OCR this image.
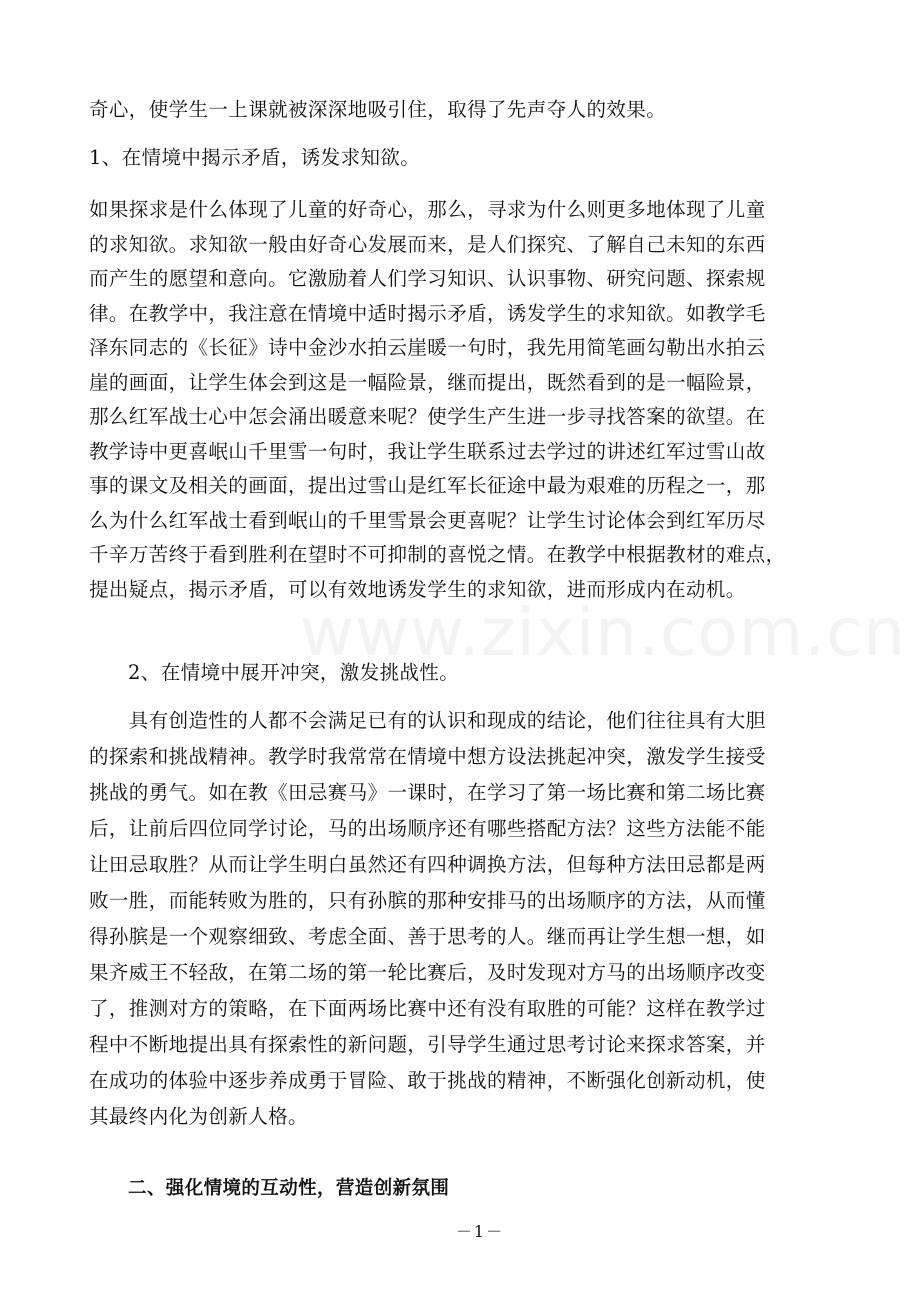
www.zixin.com.cn
奇心，使学生一上课就被深深地吸引住，取得了先声夺人的效果。
1、在情境中揭示矛盾，诱发求知欲。
如果探求是什么体现了儿童的好奇心，那么，寻求为什么则更多地体现了儿童
的求知欲。求知欲一般由好奇心发展而来，是人们探究、了解自己未知的东西
而产生的愿望和意向。它激励着人们学习知识、认识事物、研究问题、探索规
律。在教学中，我注意在情境中适时揭示矛盾，诱发学生的求知欲。如教学毛
泽东同志的《长征》诗中金沙水拍云崖暖一句时，我先用简笔画勾勒出水拍云
崖的画面，让学生体会到这是一幅险景，继而提出，既然看到的是一幅险景，
那么红军战士心中怎会涌出暖意来呢？使学生产生进一步寻找答案的欲望。在
教学诗中更喜岷山千里雪一句时，我让学生联系过去学过的讲述红军过雪山故
事的课文及相关的画面，提出过雪山是红军长征途中最为艰难的历程之一，那
么为什么红军战士看到岷山的千里雪景会更喜呢？让学生讨论体会到红军历尽
千辛万苦终于看到胜利在望时不可抑制的喜悦之情。在教学中根据教材的难点，
提出疑点，揭示矛盾，可以有效地诱发学生的求知欲，进而形成内在动机。
2、在情境中展开冲突，激发挑战性。
　　具有创造性的人都不会满足已有的认识和现成的结论，他们往往具有大胆
的探索和挑战精神。教学时我常常在情境中想方设法挑起冲突，激发学生接受
挑战的勇气。如在教《田忌赛马》一课时，在学习了第一场比赛和第二场比赛
后，让前后四位同学讨论，马的出场顺序还有哪些搭配方法？这些方法能不能
让田忌取胜？从而让学生明白虽然还有四种调换方法，但每种方法田忌都是两
败一胜，而能转败为胜的，只有孙膑的那种安排马的出场顺序的方法，从而懂
得孙膑是一个观察细致、考虑全面、善于思考的人。继而再让学生想一想，如
果齐威王不轻敌，在第二场的第一轮比赛后，及时发现对方马的出场顺序改变
了，推测对方的策略，在下面两场比赛中还有没有取胜的可能？这样在教学过
程中不断地提出具有探索性的新问题，引导学生通过思考讨论来探求答案，并
在成功的体验中逐步养成勇于冒险、敢于挑战的精神，不断强化创新动机，使
其最终内化为创新人格。
二、强化情境的互动性，营造创新氛围
－1－
